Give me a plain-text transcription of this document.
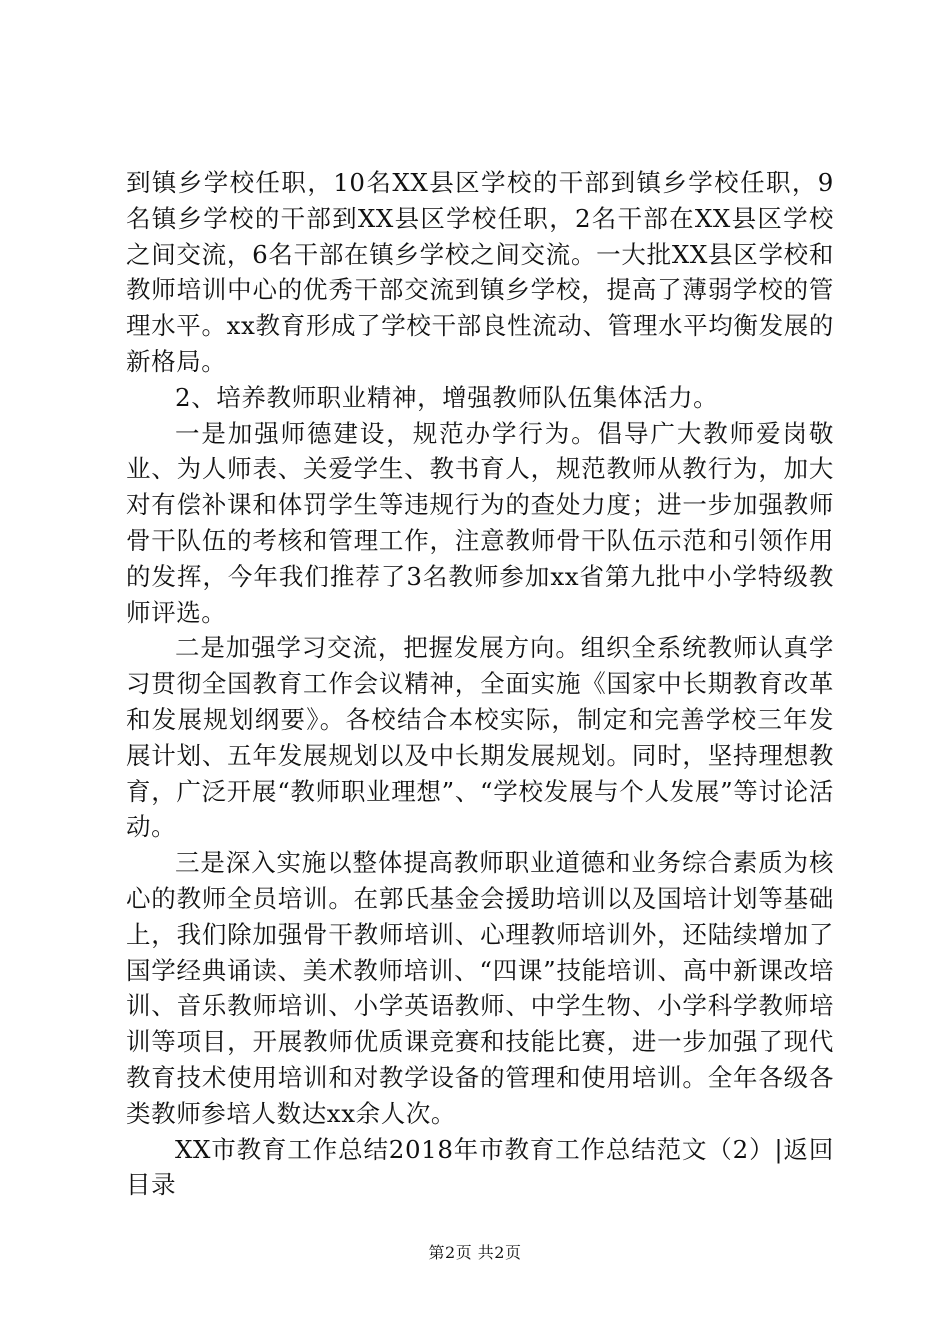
到镇乡学校任职，10名XX县区学校的干部到镇乡学校任职，9名镇乡学校的干部到XX县区学校任职，2名干部在XX县区学校之间交流，6名干部在镇乡学校之间交流。一大批XX县区学校和教师培训中心的优秀干部交流到镇乡学校，提高了薄弱学校的管理水平。xx教育形成了学校干部良性流动、管理水平均衡发展的新格局。

2、培养教师职业精神，增强教师队伍集体活力。

一是加强师德建设，规范办学行为。倡导广大教师爱岗敬业、为人师表、关爱学生、教书育人，规范教师从教行为，加大对有偿补课和体罚学生等违规行为的查处力度；进一步加强教师骨干队伍的考核和管理工作，注意教师骨干队伍示范和引领作用的发挥，今年我们推荐了3名教师参加xx省第九批中小学特级教师评选。

二是加强学习交流，把握发展方向。组织全系统教师认真学习贯彻全国教育工作会议精神，全面实施《国家中长期教育改革和发展规划纲要》。各校结合本校实际，制定和完善学校三年发展计划、五年发展规划以及中长期发展规划。同时，坚持理想教育，广泛开展“教师职业理想”、“学校发展与个人发展”等讨论活动。

三是深入实施以整体提高教师职业道德和业务综合素质为核心的教师全员培训。在郭氏基金会援助培训以及国培计划等基础上，我们除加强骨干教师培训、心理教师培训外，还陆续增加了国学经典诵读、美术教师培训、“四课”技能培训、高中新课改培训、音乐教师培训、小学英语教师、中学生物、小学科学教师培训等项目，开展教师优质课竞赛和技能比赛，进一步加强了现代教育技术使用培训和对教学设备的管理和使用培训。全年各级各类教师参培人数达xx余人次。

XX市教育工作总结2018年市教育工作总结范文（2）|返回目录

第2页 共2页
